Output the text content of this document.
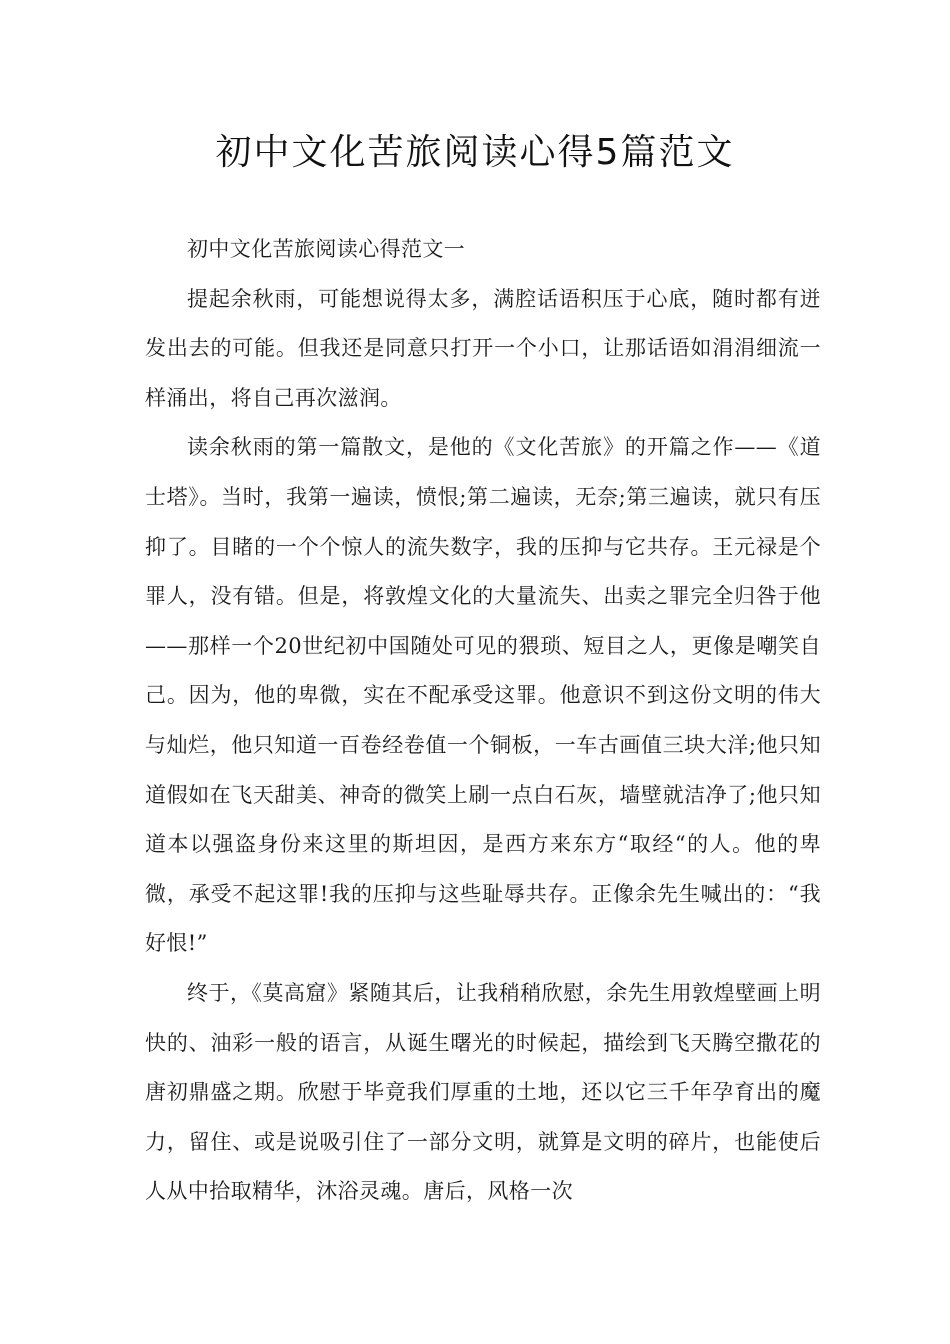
初中文化苦旅阅读心得5篇范文

初中文化苦旅阅读心得范文一

提起余秋雨，可能想说得太多，满腔话语积压于心底，随时都有迸发出去的可能。但我还是同意只打开一个小口，让那话语如涓涓细流一样涌出，将自己再次滋润。

读余秋雨的第一篇散文，是他的《文化苦旅》的开篇之作——《道士塔》。当时，我第一遍读，愤恨;第二遍读，无奈;第三遍读，就只有压抑了。目睹的一个个惊人的流失数字，我的压抑与它共存。王元禄是个罪人，没有错。但是，将敦煌文化的大量流失、出卖之罪完全归咎于他——那样一个20世纪初中国随处可见的猥琐、短目之人，更像是嘲笑自己。因为，他的卑微，实在不配承受这罪。他意识不到这份文明的伟大与灿烂，他只知道一百卷经卷值一个铜板，一车古画值三块大洋;他只知道假如在飞天甜美、神奇的微笑上刷一点白石灰，墙壁就洁净了;他只知道本以强盗身份来这里的斯坦因，是西方来东方“取经“的人。他的卑微，承受不起这罪!我的压抑与这些耻辱共存。正像余先生喊出的：“我好恨!”

终于，《莫高窟》紧随其后，让我稍稍欣慰，余先生用敦煌壁画上明快的、油彩一般的语言，从诞生曙光的时候起，描绘到飞天腾空撒花的唐初鼎盛之期。欣慰于毕竟我们厚重的土地，还以它三千年孕育出的魔力，留住、或是说吸引住了一部分文明，就算是文明的碎片，也能使后人从中拾取精华，沐浴灵魂。唐后，风格一次
